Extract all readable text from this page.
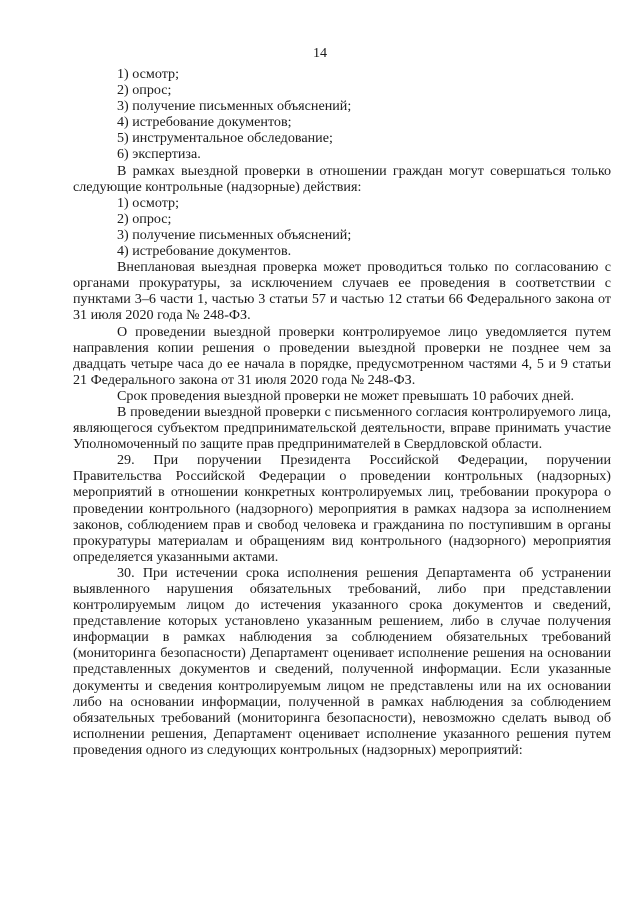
14
1) осмотр;
2) опрос;
3) получение письменных объяснений;
4) истребование документов;
5) инструментальное обследование;
6) экспертиза.

В рамках выездной проверки в отношении граждан могут совершаться только следующие контрольные (надзорные) действия:

1) осмотр;
2) опрос;
3) получение письменных объяснений;
4) истребование документов.

Внеплановая выездная проверка может проводиться только по согласованию с органами прокуратуры, за исключением случаев ее проведения в соответствии с пунктами 3–6 части 1, частью 3 статьи 57 и частью 12 статьи 66 Федерального закона от 31 июля 2020 года № 248-ФЗ.

О проведении выездной проверки контролируемое лицо уведомляется путем направления копии решения о проведении выездной проверки не позднее чем за двадцать четыре часа до ее начала в порядке, предусмотренном частями 4, 5 и 9 статьи 21 Федерального закона от 31 июля 2020 года № 248-ФЗ.

Срок проведения выездной проверки не может превышать 10 рабочих дней.

В проведении выездной проверки с письменного согласия контролируемого лица, являющегося субъектом предпринимательской деятельности, вправе принимать участие Уполномоченный по защите прав предпринимателей в Свердловской области.

29. При поручении Президента Российской Федерации, поручении Правительства Российской Федерации о проведении контрольных (надзорных) мероприятий в отношении конкретных контролируемых лиц, требовании прокурора о проведении контрольного (надзорного) мероприятия в рамках надзора за исполнением законов, соблюдением прав и свобод человека и гражданина по поступившим в органы прокуратуры материалам и обращениям вид контрольного (надзорного) мероприятия определяется указанными актами.

30. При истечении срока исполнения решения Департамента об устранении выявленного нарушения обязательных требований, либо при представлении контролируемым лицом до истечения указанного срока документов и сведений, представление которых установлено указанным решением, либо в случае получения информации в рамках наблюдения за соблюдением обязательных требований (мониторинга безопасности) Департамент оценивает исполнение решения на основании представленных документов и сведений, полученной информации. Если указанные документы и сведения контролируемым лицом не представлены или на их основании либо на основании информации, полученной в рамках наблюдения за соблюдением обязательных требований (мониторинга безопасности), невозможно сделать вывод об исполнении решения, Департамент оценивает исполнение указанного решения путем проведения одного из следующих контрольных (надзорных) мероприятий:
